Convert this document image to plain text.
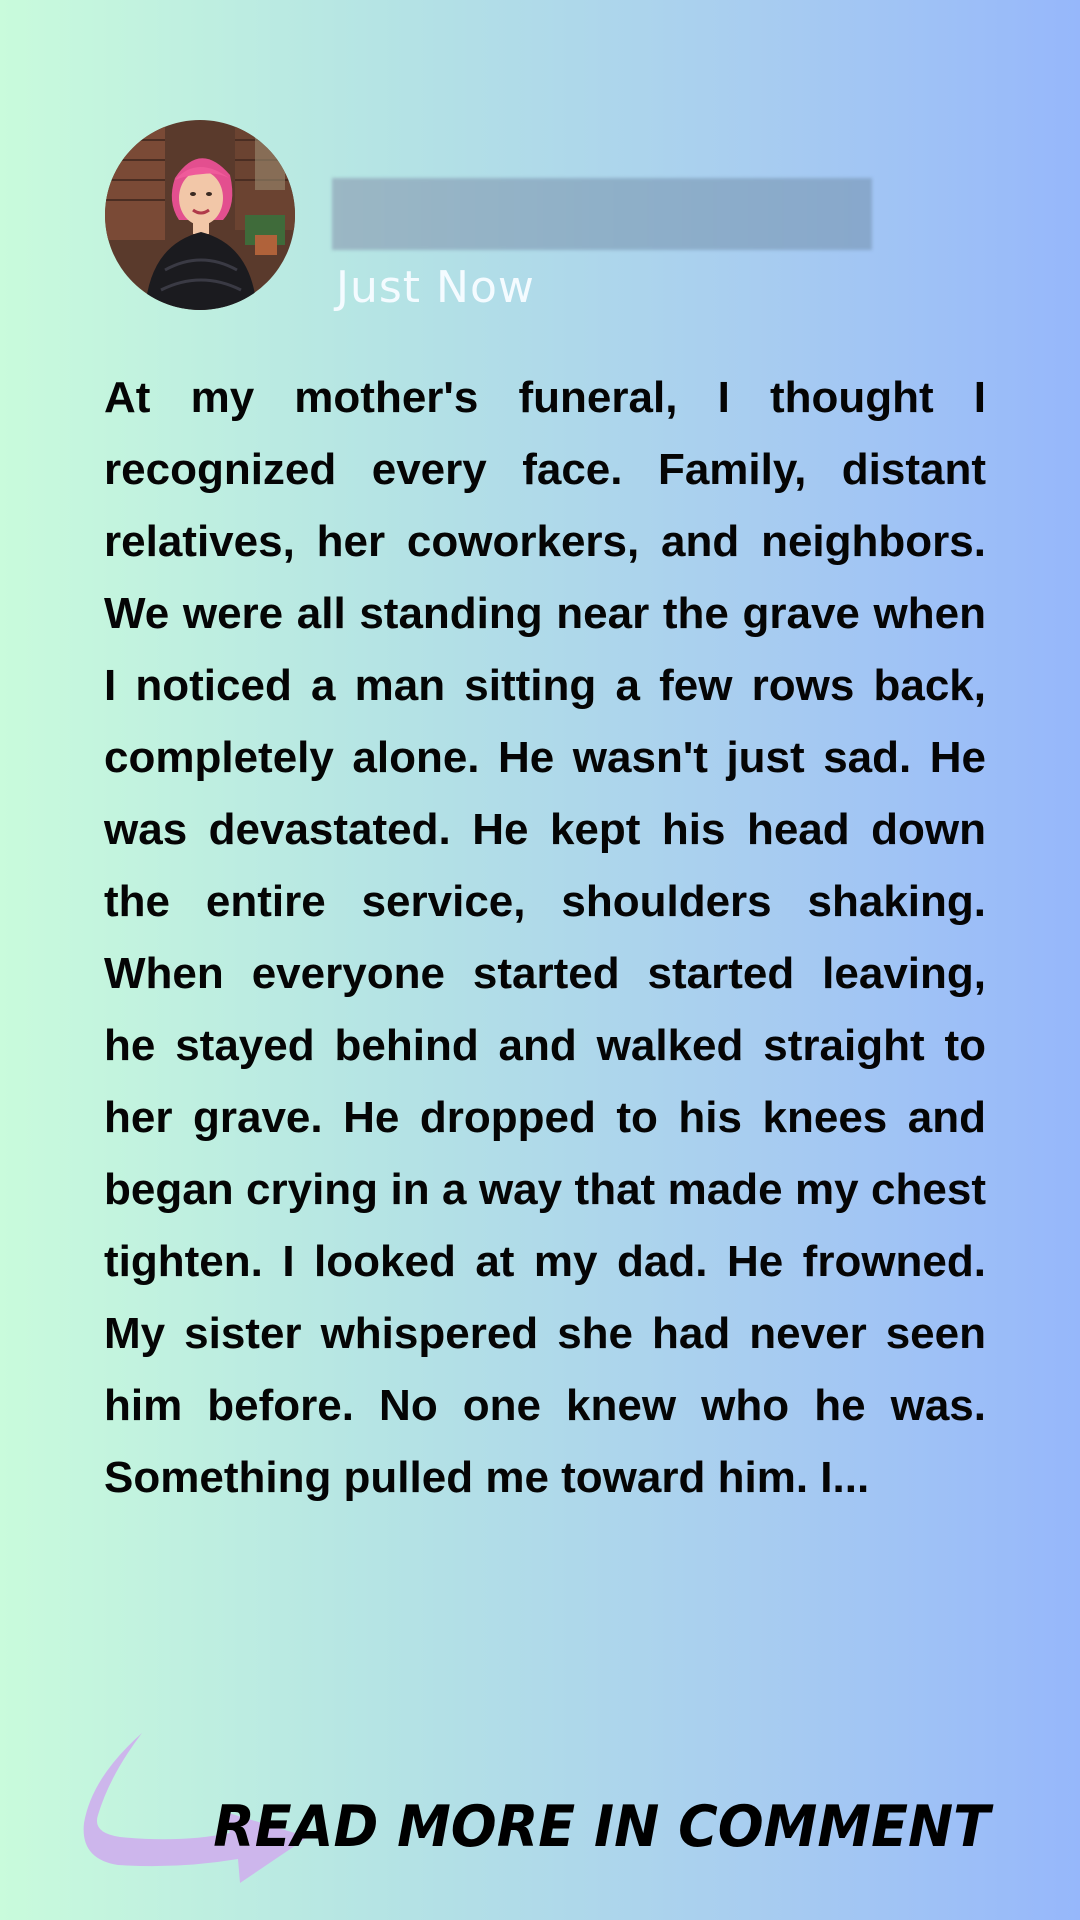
Just Now

At my mother's funeral, I thought I recognized every face. Family, distant relatives, her coworkers, and neighbors. We were all standing near the grave when I noticed a man sitting a few rows back, completely alone. He wasn't just sad. He was devastated. He kept his head down the entire service, shoulders shaking. When everyone started started leaving, he stayed behind and walked straight to her grave. He dropped to his knees and began crying in a way that made my chest tighten. I looked at my dad. He frowned. My sister whispered she had never seen him before. No one knew who he was. Something pulled me toward him. I...

READ MORE IN COMMENT
